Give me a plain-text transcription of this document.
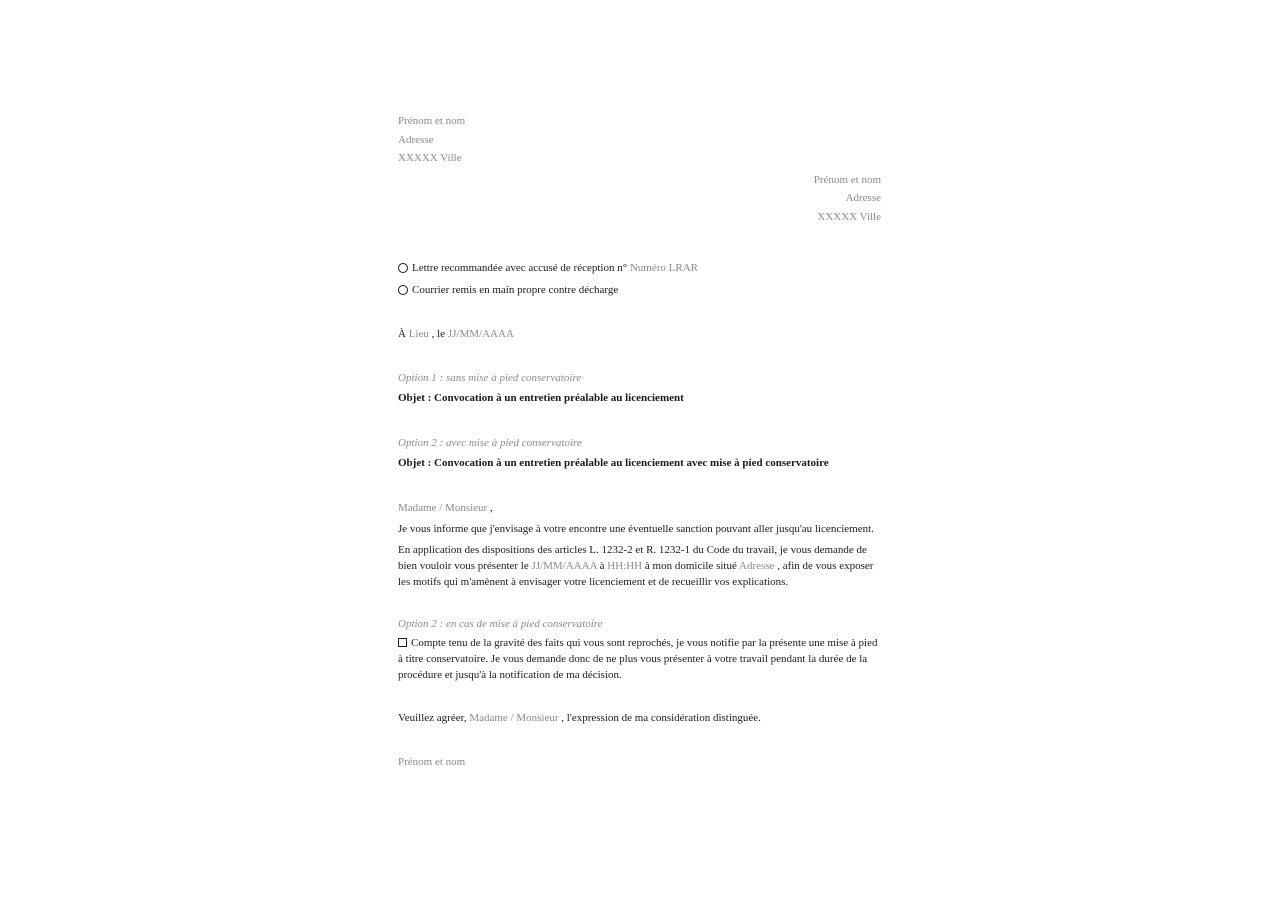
Prénom et nom
Adresse
XXXXX Ville
Prénom et nom
Adresse
XXXXX Ville
Lettre recommandée avec accusé de réception n°
Numéro LRAR
Courrier remis en main propre contre décharge
À Lieu , le JJ/MM/AAAA
Option 1 : sans mise à pied conservatoire
Objet : Convocation à un entretien préalable au licenciement
Option 2 : avec mise à pied conservatoire
Objet : Convocation à un entretien préalable au licenciement avec mise à pied conservatoire
Madame / Monsieur ,
Je vous informe que j'envisage à votre encontre une éventuelle sanction pouvant aller jusqu'au licenciement.
En application des dispositions des articles L. 1232-2 et R. 1232-1 du Code du travail, je vous demande de bien vouloir vous présenter le JJ/MM/AAAA à HH:HH à mon domicile situé Adresse , afin de vous exposer les motifs qui m'amènent à envisager votre licenciement et de recueillir vos explications.
Option 2 : en cas de mise à pied conservatoire
Compte tenu de la gravité des faits qui vous sont reprochés, je vous notifie par la présente une mise à pied à titre conservatoire. Je vous demande donc de ne plus vous présenter à votre travail pendant la durée de la procédure et jusqu'à la notification de ma décision.
Veuillez agréer, Madame / Monsieur , l'expression de ma considération distinguée.
Prénom et nom
